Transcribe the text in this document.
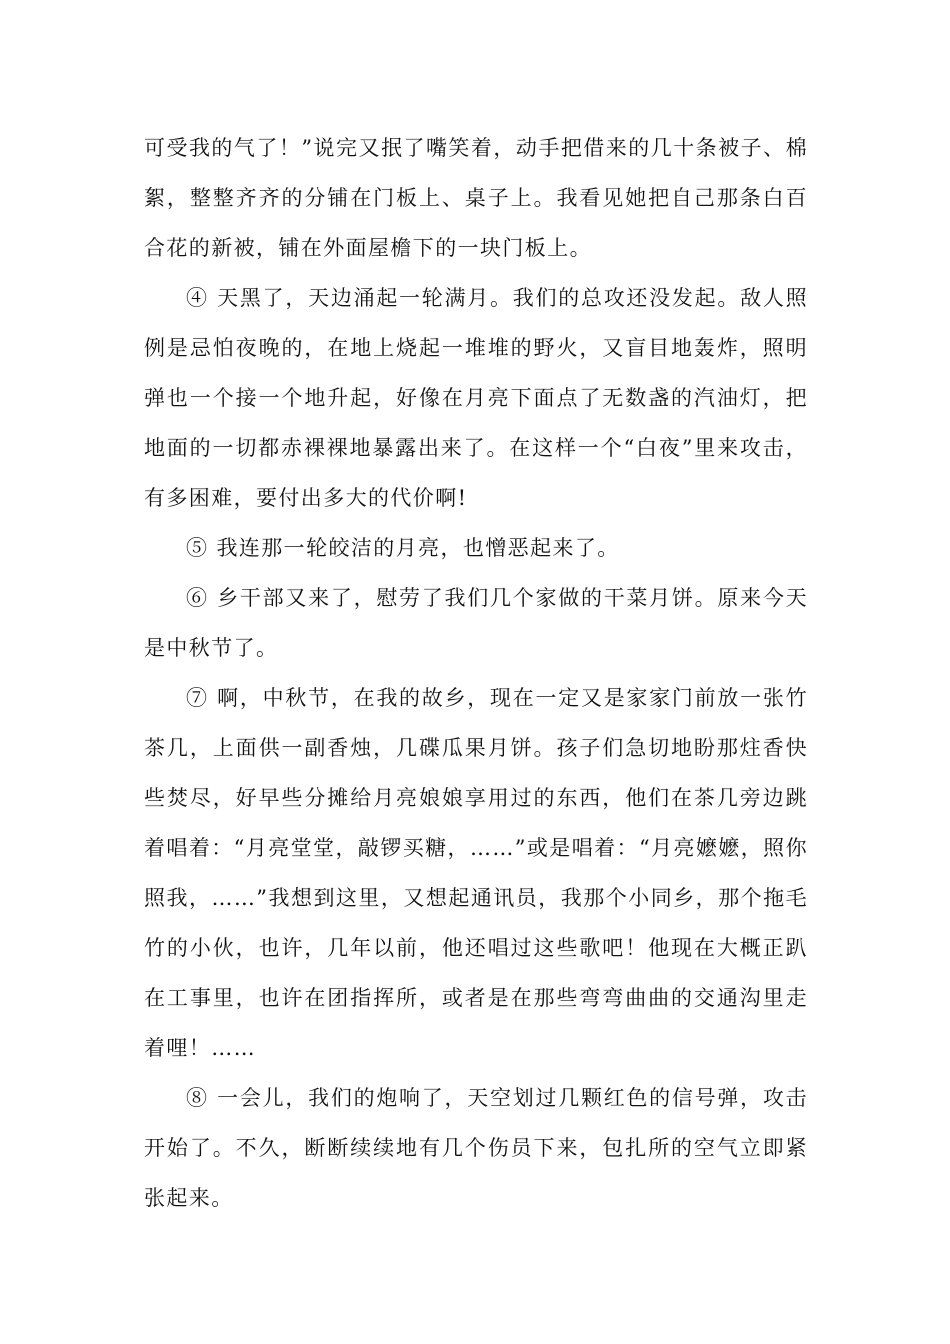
可受我的气了！”说完又抿了嘴笑着，动手把借来的几十条被子、棉絮，整整齐齐的分铺在门板上、桌子上。我看见她把自己那条白百合花的新被，铺在外面屋檐下的一块门板上。

④ 天黑了，天边涌起一轮满月。我们的总攻还没发起。敌人照例是忌怕夜晚的，在地上烧起一堆堆的野火，又盲目地轰炸，照明弹也一个接一个地升起，好像在月亮下面点了无数盏的汽油灯，把地面的一切都赤裸裸地暴露出来了。在这样一个“白夜”里来攻击，有多困难，要付出多大的代价啊!

⑤ 我连那一轮皎洁的月亮，也憎恶起来了。

⑥ 乡干部又来了，慰劳了我们几个家做的干菜月饼。原来今天是中秋节了。

⑦ 啊，中秋节，在我的故乡，现在一定又是家家门前放一张竹茶几，上面供一副香烛，几碟瓜果月饼。孩子们急切地盼那炷香快些焚尽，好早些分摊给月亮娘娘享用过的东西，他们在茶几旁边跳着唱着：“月亮堂堂，敲锣买糖，……”或是唱着：“月亮嬷嬷，照你照我，……”我想到这里，又想起通讯员，我那个小同乡，那个拖毛竹的小伙，也许，几年以前，他还唱过这些歌吧！他现在大概正趴在工事里，也许在团指挥所，或者是在那些弯弯曲曲的交通沟里走着哩！……

⑧ 一会儿，我们的炮响了，天空划过几颗红色的信号弹，攻击开始了。不久，断断续续地有几个伤员下来，包扎所的空气立即紧张起来。
